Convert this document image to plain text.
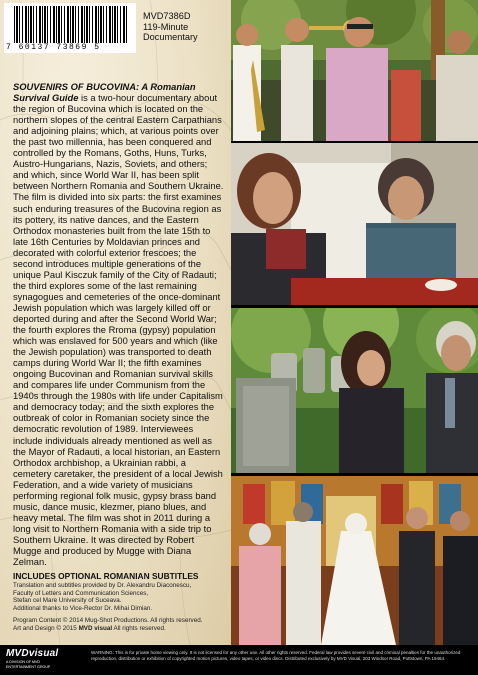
7 60137 73869 5
MVD7386D
119-Minute
Documentary
SOUVENIRS OF BUCOVINA: A Romanian Survival Guide is a two-hour documentary about the region of Bucovina which is located on the northern slopes of the central Eastern Carpathians and adjoining plains; which, at various points over the past two millennia, has been conquered and controlled by the Romans, Goths, Huns, Turks, Austro-Hungarians, Nazis, Soviets, and others; and which, since World War II, has been split between Northern Romania and Southern Ukraine. The film is divided into six parts: the first examines such enduring treasures of the Bucovina region as its pottery, its native dances, and the Eastern Orthodox monasteries built from the late 15th to late 16th Centuries by Moldavian princes and decorated with colorful exterior frescoes; the second introduces multiple generations of the unique Paul Kisczuk family of the City of Radauti; the third explores some of the last remaining synagogues and cemeteries of the once-dominant Jewish population which was largely killed off or deported during and after the Second World War; the fourth explores the Rroma (gypsy) population which was enslaved for 500 years and which (like the Jewish population) was transported to death camps during World War II; the fifth examines ongoing Bucovinan and Romanian survival skills and compares life under Communism from the 1940s through the 1980s with life under Capitalism and democracy today; and the sixth explores the outbreak of color in Romanian society since the democratic revolution of 1989. Interviewees include individuals already mentioned as well as the Mayor of Radauti, a local historian, an Eastern Orthodox archbishop, a Ukrainian rabbi, a cemetery caretaker, the president of a local Jewish Federation, and a wide variety of musicians performing regional folk music, gypsy brass band music, dance music, klezmer, piano blues, and heavy metal. The film was shot in 2011 during a long visit to Northern Romania with a side trip to Southern Ukraine. It was directed by Robert Mugge and produced by Mugge with Diana Zelman.
INCLUDES OPTIONAL ROMANIAN SUBTITLES
Translation and subtitles provided by Dr. Alexandru Diaconescu,
Faculty of Letters and Communication Sciences,
Stefan cel Mare University of Suceava.
Additional thanks to Vice-Rector Dr. Mihai Dimian.
Program Content © 2014 Mug-Shot Productions. All rights reserved.
Art and Design © 2015 MVD visual All rights reserved.
MVDvisual
A DIVISION OF MVD
ENTERTAINMENT GROUP
WARNING: This is for private home viewing only. It is not licensed for any other use. All other rights reserved. Federal law provides severe civil and criminal penalties for the unauthorized reproduction, distribution or exhibition of copyrighted motion pictures, video tapes, or video discs. Distributed exclusively by MVD Visual, 203 Windsor Road, Pottstown, PA 19464.
